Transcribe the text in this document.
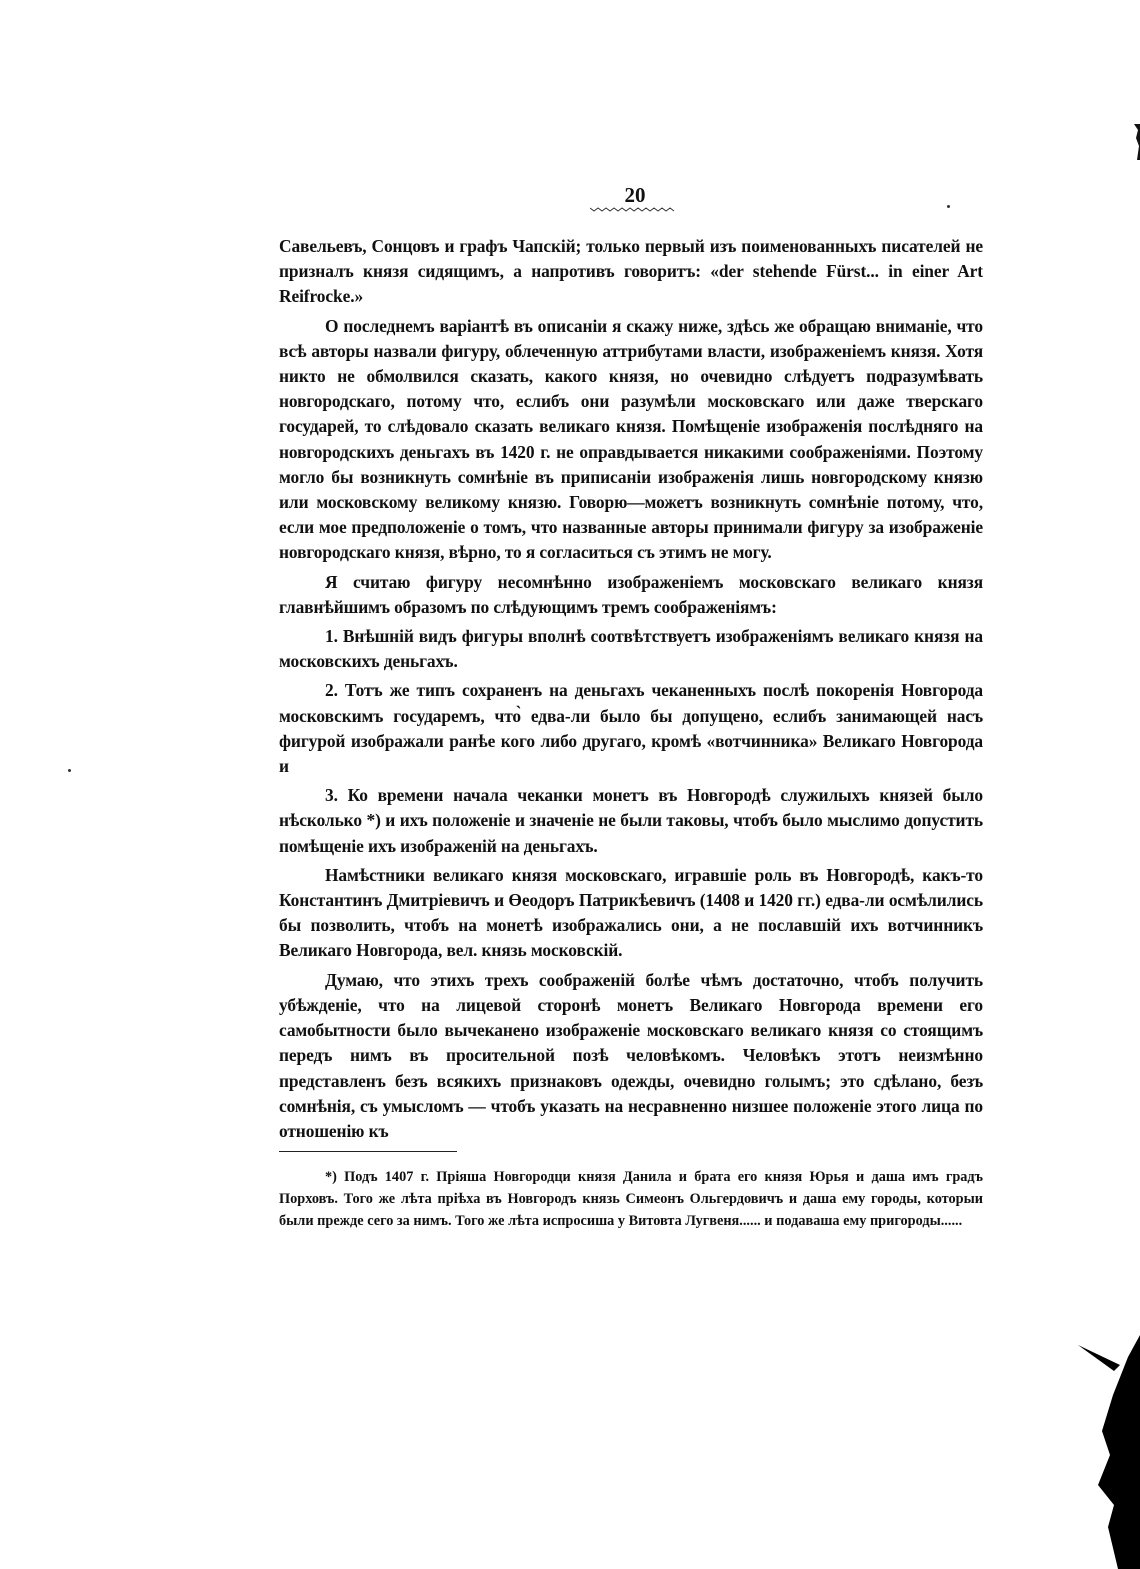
20

Савельевъ, Сонцовъ и графъ Чапскій; только первый изъ поименованныхъ писателей не призналъ князя сидящимъ, а напротивъ говоритъ: «der stehende Fürst... in einer Art Reifrocke.»

О последнемъ варіантѣ въ описаніи я скажу ниже, здѣсь же обращаю вниманіе, что всѣ авторы назвали фигуру, облеченную аттрибутами власти, изображеніемъ князя. Хотя никто не обмолвился сказать, какого князя, но очевидно слѣдуетъ подразумѣвать новгородскаго, потому что, еслибъ они разумѣли московскаго или даже тверскаго государей, то слѣдовало сказать великаго князя. Помѣщеніе изображенія послѣдняго на новгородскихъ деньгахъ въ 1420 г. не оправдывается никакими соображеніями. Поэтому могло бы возникнуть сомнѣніе въ приписаніи изображенія лишь новгородскому князю или московскому великому князю. Говорю—можетъ возникнуть сомнѣніе потому, что, если мое предположеніе о томъ, что названные авторы принимали фигуру за изображеніе новгородскаго князя, вѣрно, то я согласиться съ этимъ не могу.

Я считаю фигуру несомнѣнно изображеніемъ московскаго великаго князя главнѣйшимъ образомъ по слѣдующимъ тремъ соображеніямъ:

1. Внѣшній видъ фигуры вполнѣ соотвѣтствуетъ изображеніямъ великаго князя на московскихъ деньгахъ.

2. Тотъ же типъ сохраненъ на деньгахъ чеканенныхъ послѣ покоренія Новгорода московскимъ государемъ, что̀ едва-ли было бы допущено, еслибъ занимающей насъ фигурой изображали ранѣе кого либо другаго, кромѣ «вотчинника» Великаго Новгорода и

3. Ко времени начала чеканки монетъ въ Новгородѣ служилыхъ князей было нѣсколько *) и ихъ положеніе и значеніе не были таковы, чтобъ было мыслимо допустить помѣщеніе ихъ изображеній на деньгахъ.

Намѣстники великаго князя московскаго, игравшіе роль въ Новгородѣ, какъ-то Константинъ Дмитріевичъ и Өеодоръ Патрикѣевичъ (1408 и 1420 гг.) едва-ли осмѣлились бы позволить, чтобъ на монетѣ изображались они, а не пославшій ихъ вотчинникъ Великаго Новгорода, вел. князь московскій.

Думаю, что этихъ трехъ соображеній болѣе чѣмъ достаточно, чтобъ получить убѣжденіе, что на лицевой сторонѣ монетъ Великаго Новгорода времени его самобытности было вычеканено изображеніе московскаго великаго князя со стоящимъ передъ нимъ въ просительной позѣ человѣкомъ. Человѣкъ этотъ неизмѣнно представленъ безъ всякихъ признаковъ одежды, очевидно голымъ; это сдѣлано, безъ сомнѣнія, съ умысломъ — чтобъ указать на несравненно низшее положеніе этого лица по отношенію къ

*) Подъ 1407 г. Пріяша Новгородци князя Данила и брата его князя Юрья и даша имъ градъ Порховъ. Того же лѣта пріѣха въ Новгородъ князь Симеонъ Ольгердовичъ и даша ему городы, которыи были прежде сего за нимъ. Того же лѣта испросиша у Витовта Лугвеня...... и подаваша ему пригороды......
